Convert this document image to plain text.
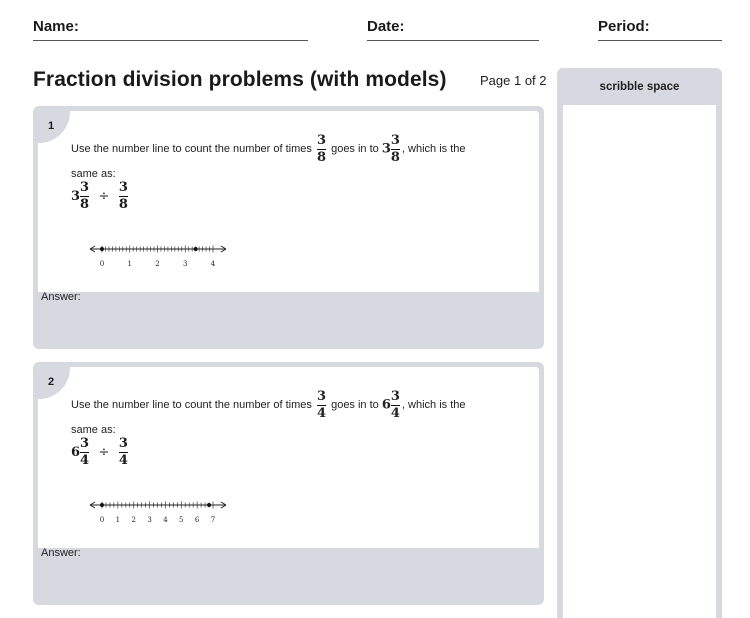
Name:	Date:	Period:
Fraction division problems (with models)	Page 1 of 2	scribble space
1
Use the number line to count the number of times $\frac{3}{8}$ goes in to $3 \frac{3}{8}$ , which is the
same as:
$3 \frac{3}{8} \div \frac{3}{8}$
0	1	2	3	4
Answer:
2
Use the number line to count the number of times $\frac{3}{4}$ goes in to $6 \frac{3}{4}$ , which is the
same as:
$6 \frac{3}{4} \div \frac{3}{4}$
0 1 2 3 4 5 6 7
Answer:
